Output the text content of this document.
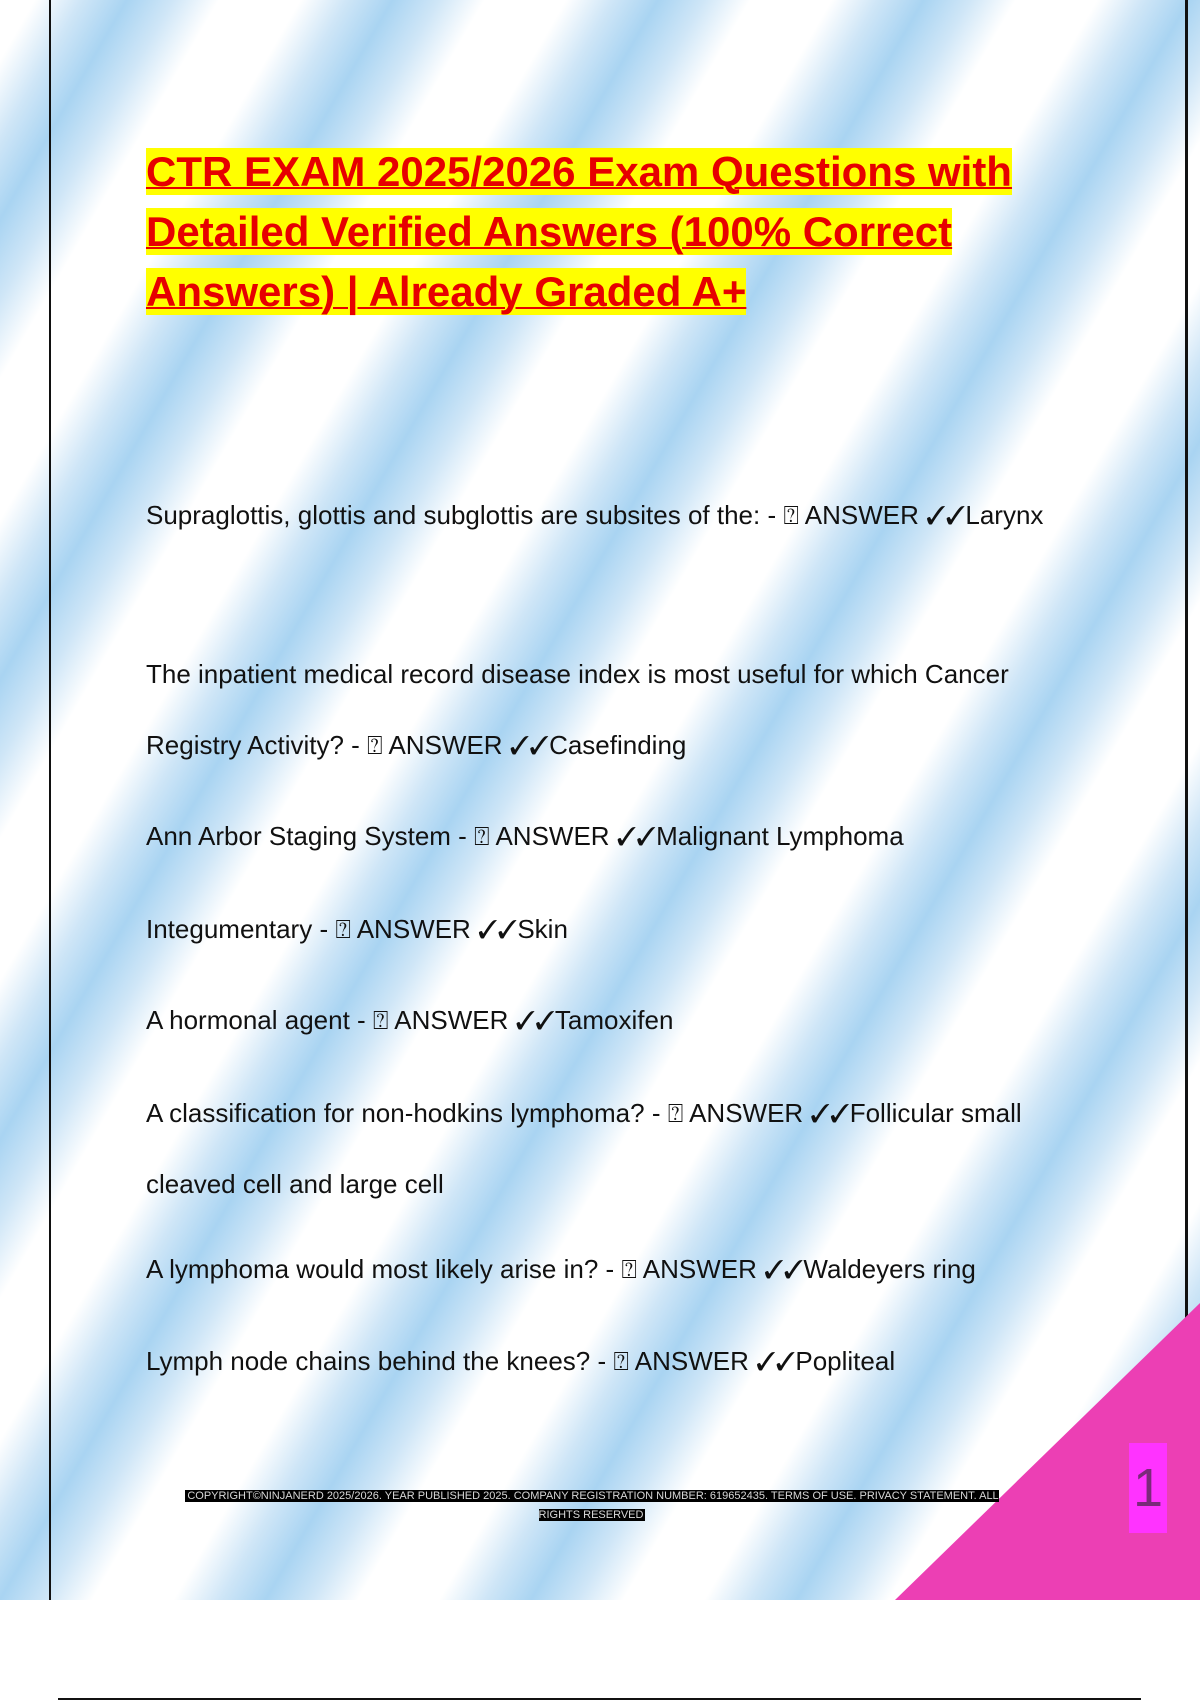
CTR EXAM 2025/2026 Exam Questions with Detailed Verified Answers (100% Correct Answers) | Already Graded A+

Supraglottis, glottis and subglottis are subsites of the: - ⍰ ANSWER ✓✓Larynx

The inpatient medical record disease index is most useful for which Cancer Registry Activity? - ⍰ ANSWER ✓✓Casefinding

Ann Arbor Staging System - ⍰ ANSWER ✓✓Malignant Lymphoma

Integumentary - ⍰ ANSWER ✓✓Skin

A hormonal agent - ⍰ ANSWER ✓✓Tamoxifen

A classification for non-hodkins lymphoma? - ⍰ ANSWER ✓✓Follicular small cleaved cell and large cell

A lymphoma would most likely arise in? - ⍰ ANSWER ✓✓Waldeyers ring

Lymph node chains behind the knees? - ⍰ ANSWER ✓✓Popliteal

1
COPYRIGHT©NINJANERD 2025/2026. YEAR PUBLISHED 2025. COMPANY REGISTRATION NUMBER: 619652435. TERMS OF USE. PRIVACY STATEMENT. ALL RIGHTS RESERVED
